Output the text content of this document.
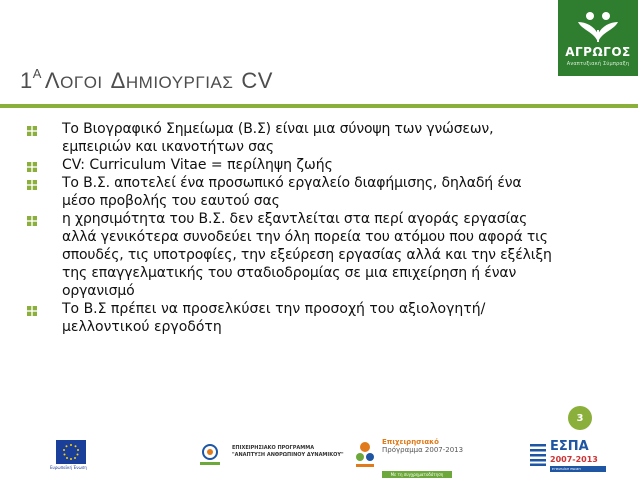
ΑΓΡΩΓΟΣ
Αναπτυξιακή Σύμπραξη
1 Α Λ ΟΓΟΙ Δ ΗΜΙΟΥΡΓΙΑΣ CV
Το Βιογραφικό Σημείωμα (Β.Σ) είναι μια σύνοψη των γνώσεων, εμπειριών και ικανοτήτων σας
CV: Curriculum Vitae = περίληψη ζωής
Το Β.Σ. αποτελεί ένα προσωπικό εργαλείο διαφήμισης, δηλαδή ένα μέσο προβολής του εαυτού σας
η χρησιμότητα του Β.Σ. δεν εξαντλείται στα περί αγοράς εργασίας αλλά γενικότερα συνοδεύει την όλη πορεία του ατόμου που αφορά τις σπουδές, τις υποτροφίες, την εξεύρεση εργασίας αλλά και την εξέλιξη της επαγγελματικής του σταδιοδρομίας σε μια επιχείρηση ή έναν οργανισμό
Το Β.Σ πρέπει να προσελκύσει την προσοχή του αξιολογητή/μελλοντικού εργοδότη
3
Ευρωπαϊκή Ένωση
ΕΠΙΧΕΙΡΗΣΙΑΚΟ ΠΡΟΓΡΑΜΜΑ
"ΑΝΑΠΤΥΞΗ ΑΝΘΡΩΠΙΝΟΥ ΔΥΝΑΜΙΚΟΥ"
Επιχειρησιακό
Πρόγραμμα 2007-2013
Με τη συγχρηματοδότηση
ΕΣΠΑ
2007-2013
ΕΥΡΩΠΑΪΚΗ ΕΝΩΣΗ
